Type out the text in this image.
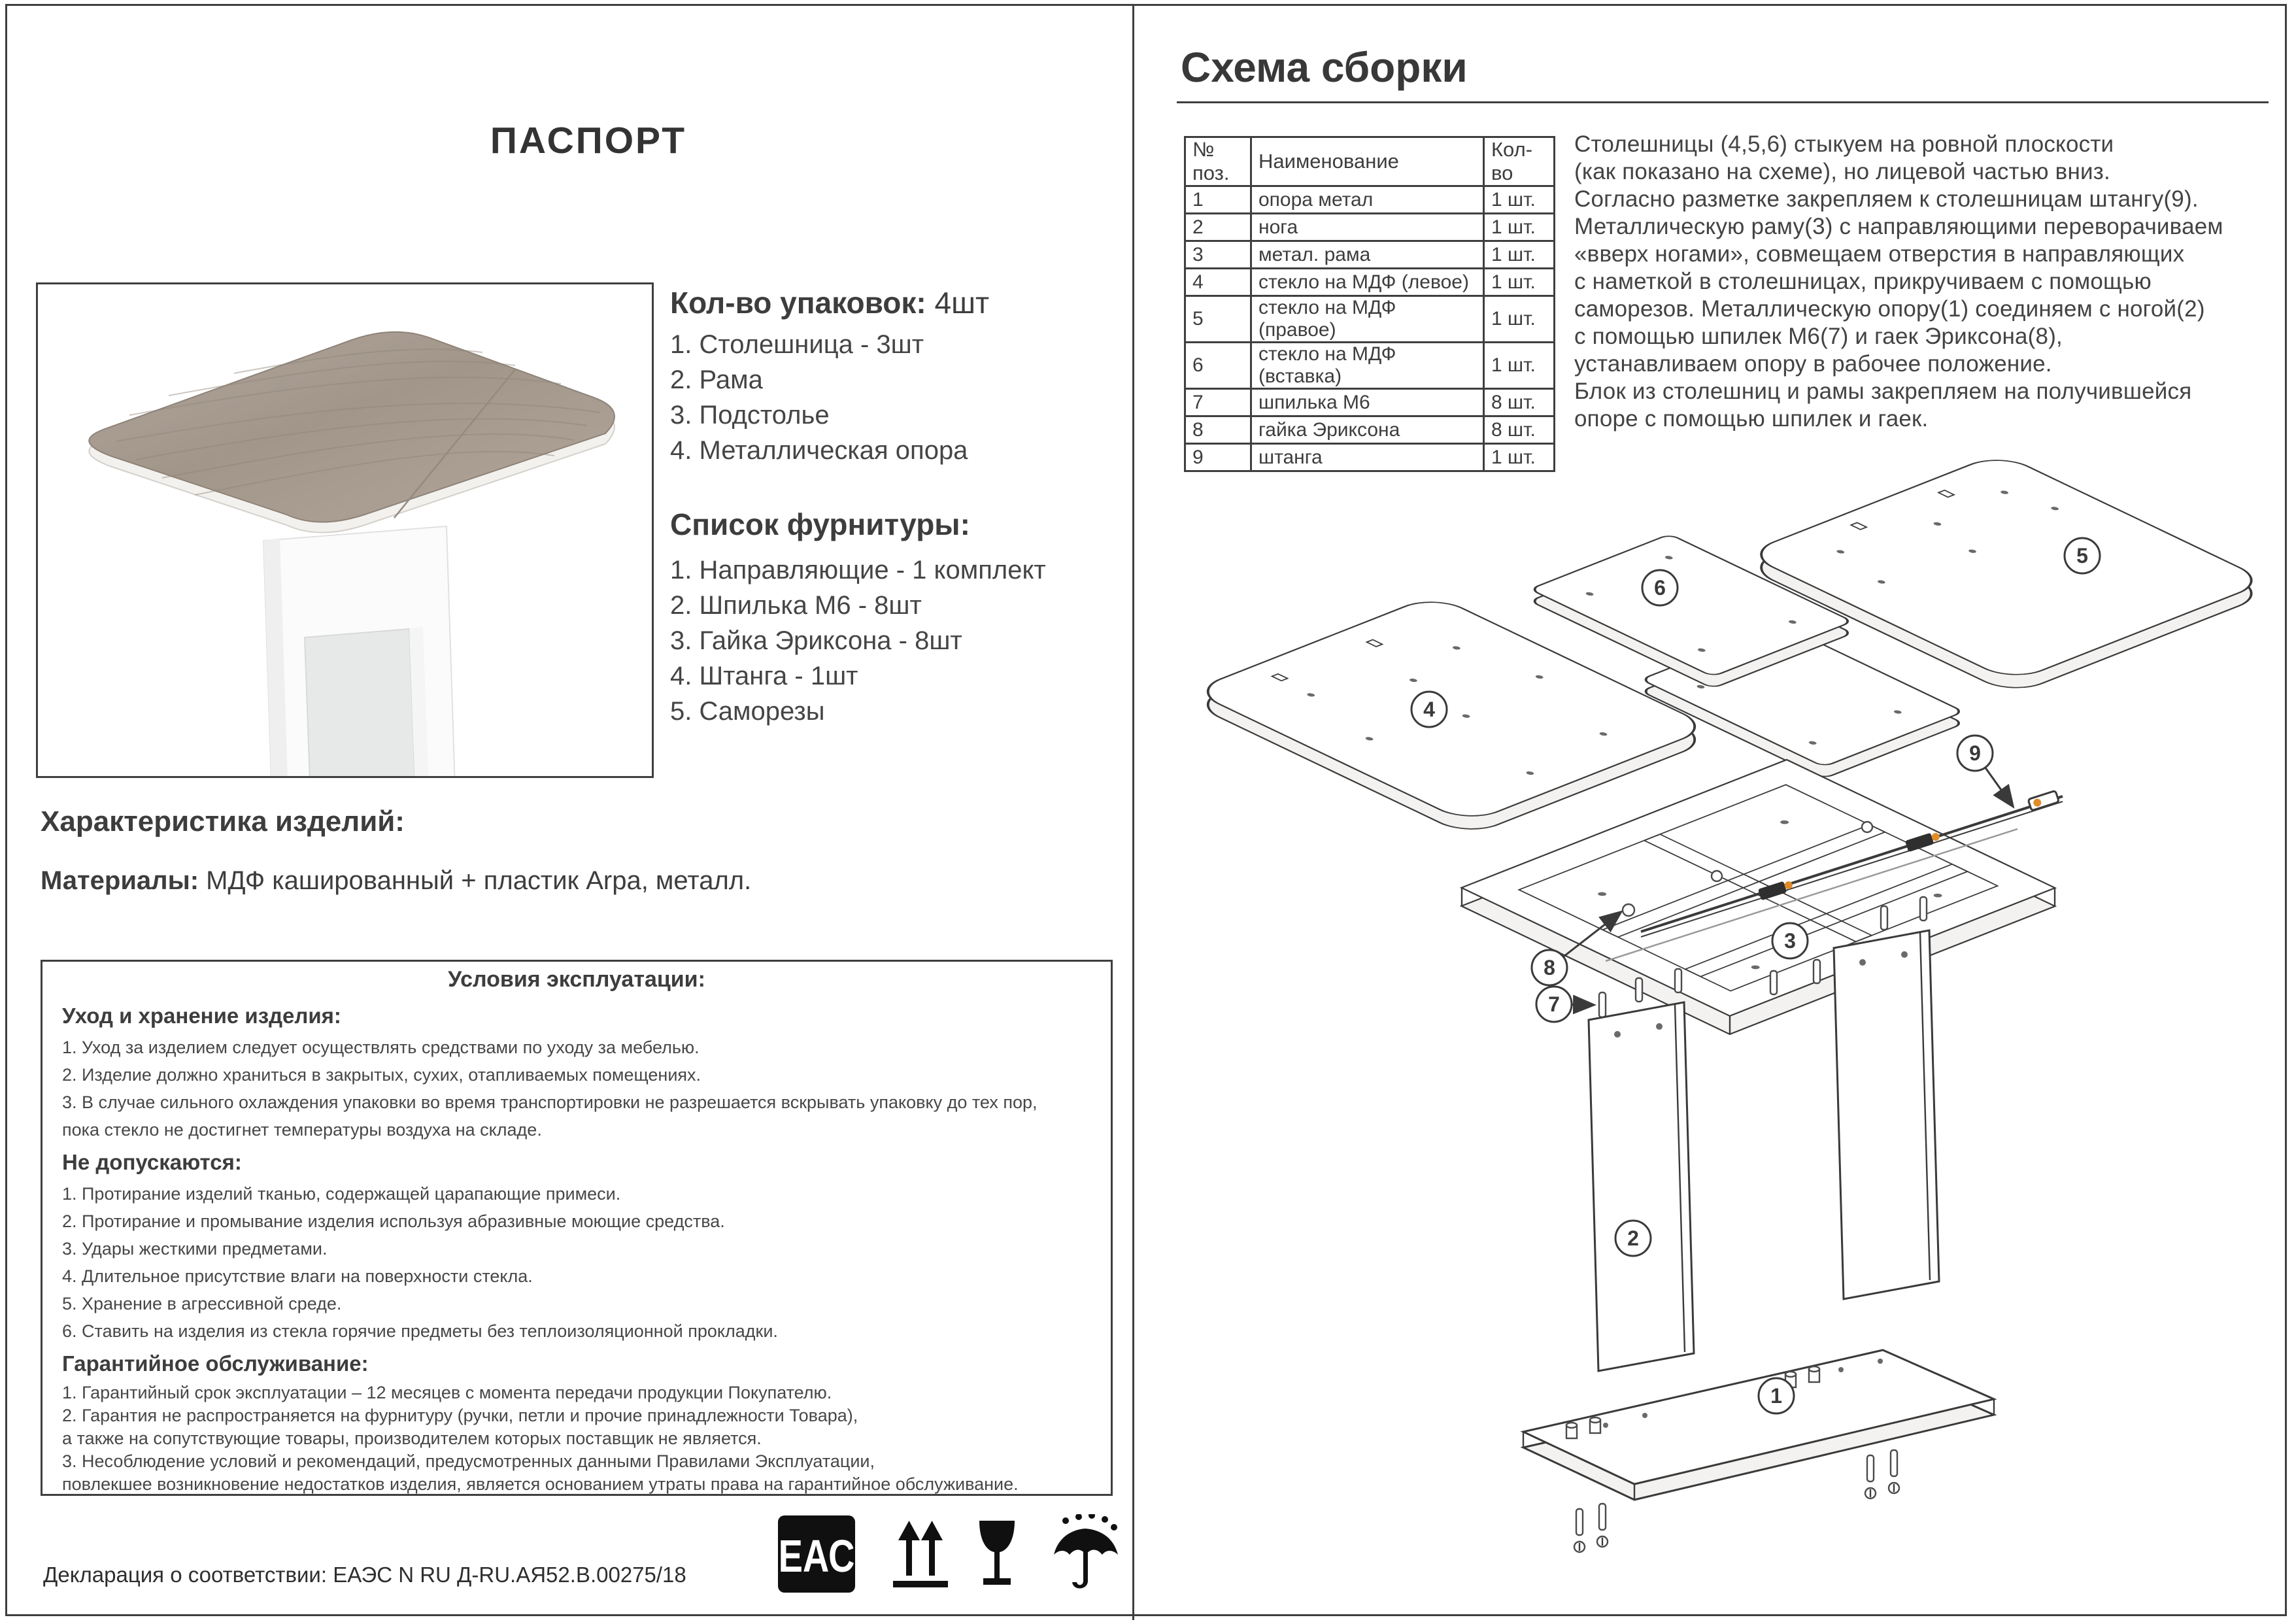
ПАСПОРТ
Кол-во упаковок: 4шт
1. Столешница - 3шт
2. Рама
3. Подстолье
4. Металлическая опора
Список фурнитуры:
1. Направляющие - 1 комплект
2. Шпилька М6 - 8шт
3. Гайка Эриксона - 8шт
4. Штанга - 1шт
5. Саморезы
Характеристика изделий:
Материалы: МДФ кашированный + пластик Arpa, металл.
Условия эксплуатации:
Уход и хранение изделия:
1. Уход за изделием следует осуществлять средствами по уходу за мебелью.
2. Изделие должно храниться в закрытых, сухих, отапливаемых помещениях.
3. В случае сильного охлаждения упаковки во время транспортировки не разрешается вскрывать упаковку до тех пор,
пока стекло не достигнет температуры воздуха на складе.
Не допускаются:
1. Протирание изделий тканью, содержащей царапающие примеси.
2. Протирание и промывание изделия используя абразивные моющие средства.
3. Удары жесткими предметами.
4. Длительное присутствие влаги на поверхности стекла.
5. Хранение в агрессивной среде.
6. Ставить на изделия из стекла горячие предметы без теплоизоляционной прокладки.
Гарантийное обслуживание:
1. Гарантийный срок эксплуатации – 12 месяцев с момента передачи продукции Покупателю.
2. Гарантия не распространяется на фурнитуру (ручки, петли и прочие принадлежности Товара),
а также на сопутствующие товары, производителем которых поставщик не является.
3. Несоблюдение условий и рекомендаций, предусмотренных данными Правилами Эксплуатации,
повлекшее возникновение недостатков изделия, является основанием утраты права на гарантийное обслуживание.
Декларация о соответствии: ЕАЭС N RU Д-RU.АЯ52.В.00275/18	ЕАС
Схема сборки
№ поз.	Наименование	Кол-во
1	опора метал	1 шт.
2	нога	1 шт.
3	метал. рама	1 шт.
4	стекло на МДФ (левое)	1 шт.
5	стекло на МДФ (правое)	1 шт.
6	стекло на МДФ (вставка)	1 шт.
7	шпилька М6	8 шт.
8	гайка Эриксона	8 шт.
9	штанга	1 шт.
Столешницы (4,5,6) стыкуем на ровной плоскости
(как показано на схеме), но лицевой частью вниз.
Согласно разметке закрепляем к столешницам штангу(9).
Металлическую раму(3) с направляющими переворачиваем
«вверх ногами», совмещаем отверстия в направляющих
с наметкой в столешницах, прикручиваем с помощью
саморезов. Металлическую опору(1) соединяем с ногой(2)
с помощью шпилек М6(7) и гаек Эриксона(8),
устанавливаем опору в рабочее положение.
Блок из столешниц и рамы закрепляем на получившейся
опоре с помощью шпилек и гаек.
4
6
5
9
3
8
7
2
1
